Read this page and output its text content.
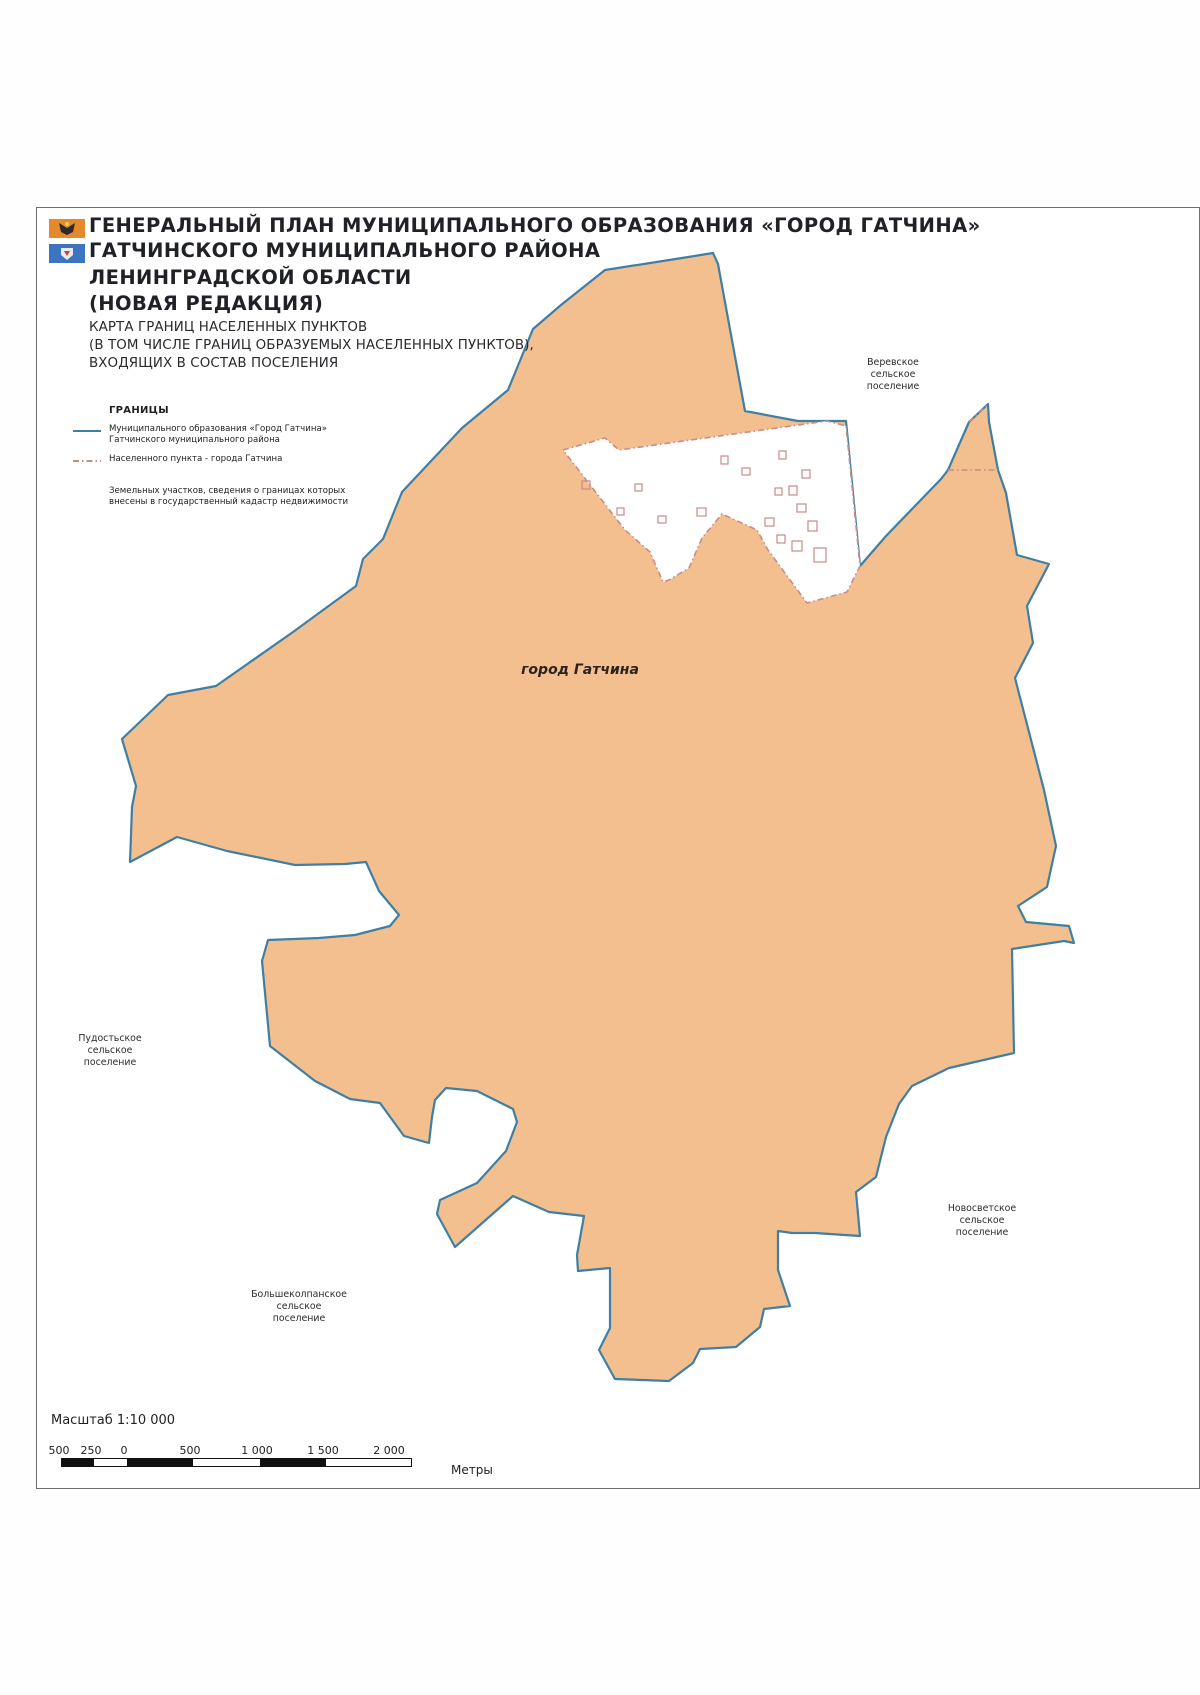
ГЕНЕРАЛЬНЫЙ ПЛАН МУНИЦИПАЛЬНОГО ОБРАЗОВАНИЯ «ГОРОД ГАТЧИНА»
ГАТЧИНСКОГО МУНИЦИПАЛЬНОГО РАЙОНА
ЛЕНИНГРАДСКОЙ ОБЛАСТИ
(НОВАЯ РЕДАКЦИЯ)
КАРТА ГРАНИЦ НАСЕЛЕННЫХ ПУНКТОВ
(В ТОМ ЧИСЛЕ ГРАНИЦ ОБРАЗУЕМЫХ НАСЕЛЕННЫХ ПУНКТОВ),
ВХОДЯЩИХ В СОСТАВ ПОСЕЛЕНИЯ
ГРАНИЦЫ
Муниципального образования «Город Гатчина»
Гатчинского муниципального района
Населенного пункта - города Гатчина
Земельных участков, сведения о границах которых
внесены в государственный кадастр недвижимости
город Гатчина
Веревское
сельское
поселение
Пудостьское
сельское
поселение
Новосветское
сельское
поселение
Большеколпанское
сельское
поселение
Масштаб 1:10 000
500 250 0	500	1 000	1 500	2 000
Метры
